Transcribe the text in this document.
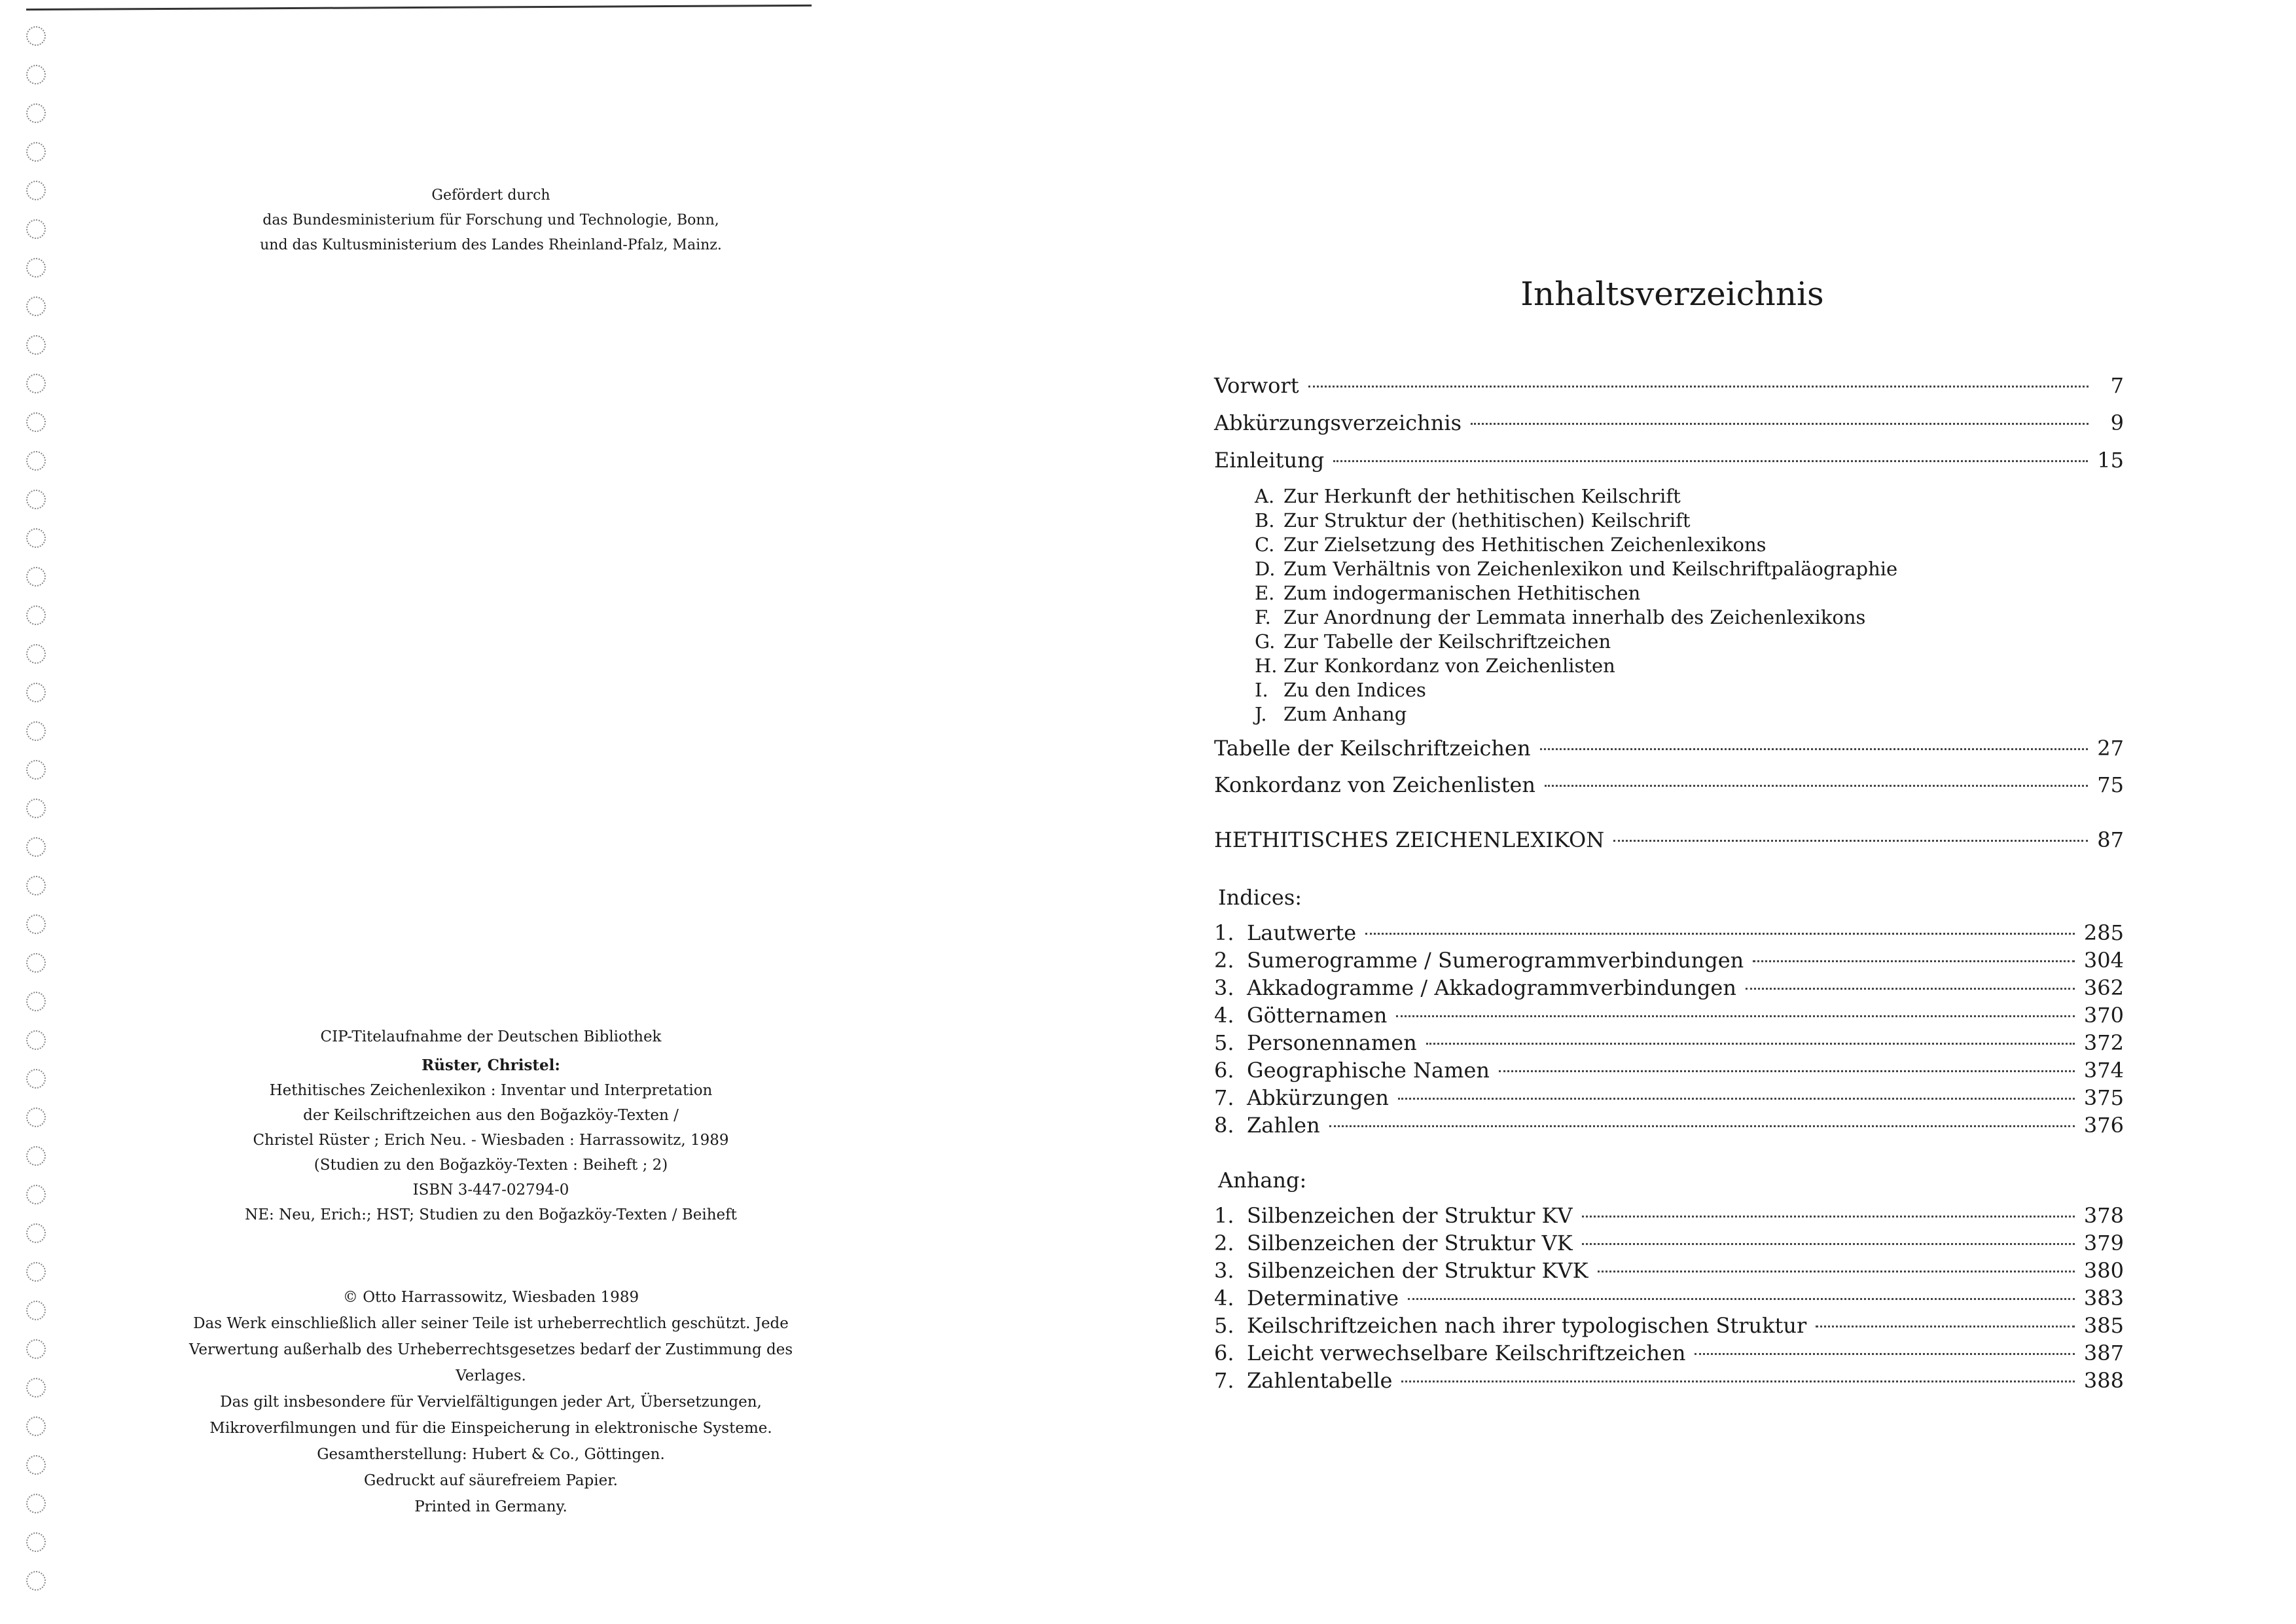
Gefördert durch

das Bundesministerium für Forschung und Technologie, Bonn,

und das Kultusministerium des Landes Rheinland-Pfalz, Mainz.

CIP-Titelaufnahme der Deutschen Bibliothek

Rüster, Christel:

Hethitisches Zeichenlexikon : Inventar und Interpretation

der Keilschriftzeichen aus den Boğazköy-Texten /

Christel Rüster ; Erich Neu. - Wiesbaden : Harrassowitz, 1989

(Studien zu den Boğazköy-Texten : Beiheft ; 2)

ISBN 3-447-02794-0

NE: Neu, Erich:; HST; Studien zu den Boğazköy-Texten / Beiheft

© Otto Harrassowitz, Wiesbaden 1989

Das Werk einschließlich aller seiner Teile ist urheberrechtlich geschützt. Jede

Verwertung außerhalb des Urheberrechtsgesetzes bedarf der Zustimmung des Verlages.

Das gilt insbesondere für Vervielfältigungen jeder Art, Übersetzungen,

Mikroverfilmungen und für die Einspeicherung in elektronische Systeme.

Gesamtherstellung: Hubert & Co., Göttingen.

Gedruckt auf säurefreiem Papier.

Printed in Germany.

Inhaltsverzeichnis
Vorwort	7
Abkürzungsverzeichnis	9
Einleitung	15
A. Zur Herkunft der hethitischen Keilschrift
B. Zur Struktur der (hethitischen) Keilschrift
C. Zur Zielsetzung des Hethitischen Zeichenlexikons
D. Zum Verhältnis von Zeichenlexikon und Keilschriftpaläographie
E. Zum indogermanischen Hethitischen
F. Zur Anordnung der Lemmata innerhalb des Zeichenlexikons
G. Zur Tabelle der Keilschriftzeichen
H. Zur Konkordanz von Zeichenlisten
I. Zu den Indices
J. Zum Anhang
Tabelle der Keilschriftzeichen	27
Konkordanz von Zeichenlisten	75
HETHITISCHES ZEICHENLEXIKON	87
Indices:
1. Lautwerte	285
2. Sumerogramme / Sumerogrammverbindungen	304
3. Akkadogramme / Akkadogrammverbindungen	362
4. Götternamen	370
5. Personennamen	372
6. Geographische Namen	374
7. Abkürzungen	375
8. Zahlen	376
Anhang:
1. Silbenzeichen der Struktur KV	378
2. Silbenzeichen der Struktur VK	379
3. Silbenzeichen der Struktur KVK	380
4. Determinative	383
5. Keilschriftzeichen nach ihrer typologischen Struktur	385
6. Leicht verwechselbare Keilschriftzeichen	387
7. Zahlentabelle	388
